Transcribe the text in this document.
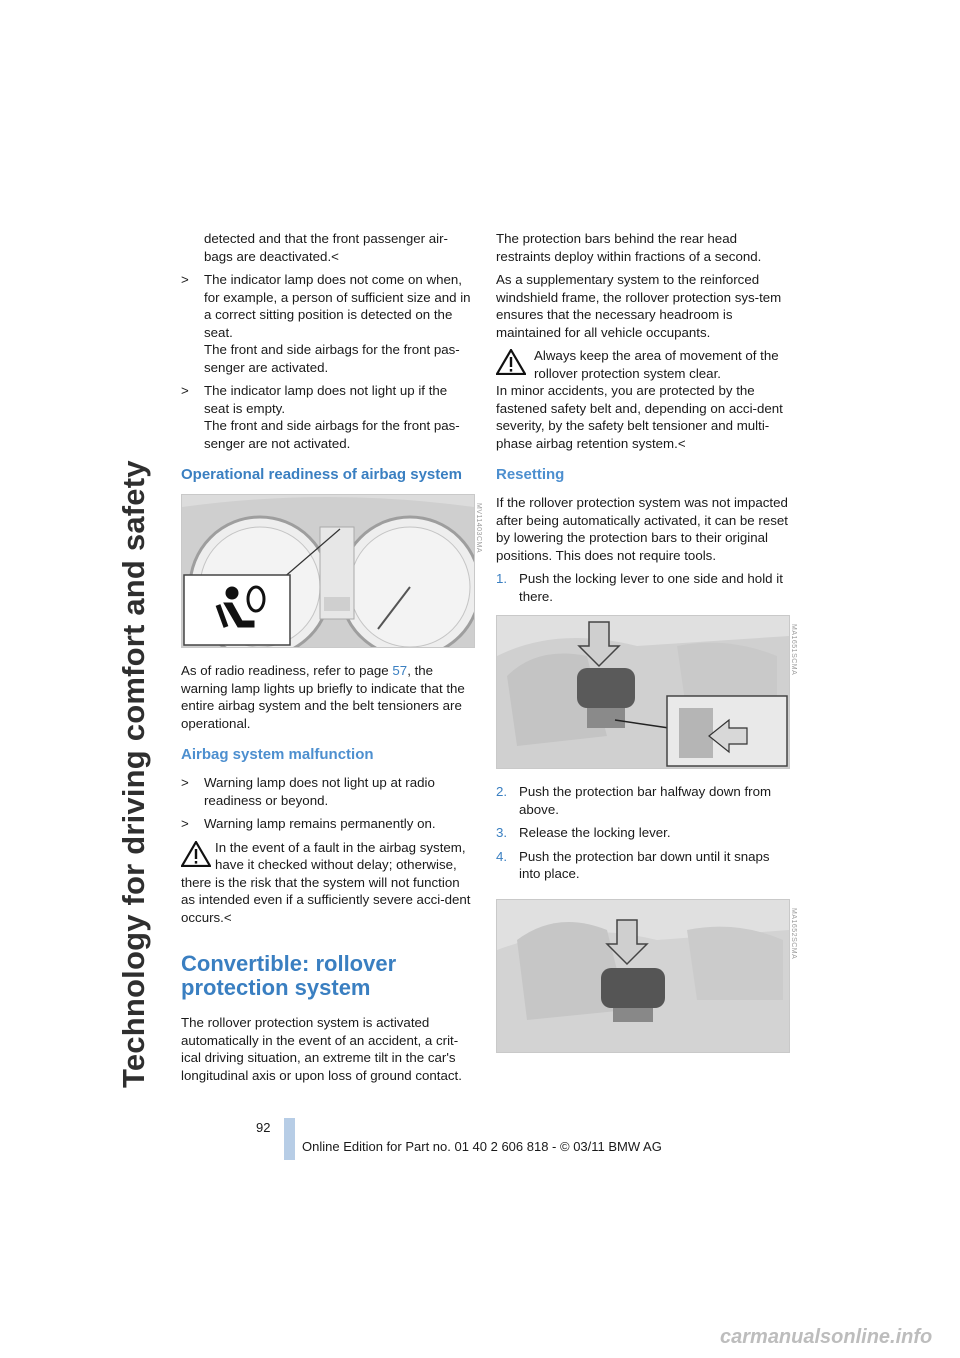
Technology for driving comfort and safety

detected and that the front passenger air-
bags are deactivated.<

> The indicator lamp does not come on when, for example, a person of sufficient size and in a correct sitting position is detected on the seat.
The front and side airbags for the front pas-senger are activated.
> The indicator lamp does not light up if the seat is empty.
The front and side airbags for the front pas-senger are not activated.
Operational readiness of airbag system
MV11403CMA

As of radio readiness, refer to page 57, the warning lamp lights up briefly to indicate that the entire airbag system and the belt tensioners are operational.

Airbag system malfunction
> Warning lamp does not light up at radio readiness or beyond.
> Warning lamp remains permanently on.
In the event of a fault in the airbag system,
have it checked without delay; otherwise,
there is the risk that the system will not function as intended even if a sufficiently severe acci-dent occurs.<
Convertible: rollover
protection system

The rollover protection system is activated automatically in the event of an accident, a crit-ical driving situation, an extreme tilt in the car's longitudinal axis or upon loss of ground contact.

The protection bars behind the rear head restraints deploy within fractions of a second.

As a supplementary system to the reinforced windshield frame, the rollover protection sys-tem ensures that the necessary headroom is maintained for all vehicle occupants.

Always keep the area of movement of the
rollover protection system clear.
In minor accidents, you are protected by the fastened safety belt and, depending on acci-dent severity, by the safety belt tensioner and multi-phase airbag retention system.<
Resetting

If the rollover protection system was not impacted after being automatically activated, it can be reset by lowering the protection bars to their original positions. This does not require tools.

1. Push the locking lever to one side and hold it there.
MA1651SCMA
2. Push the protection bar halfway down from above.
3. Release the locking lever.
4. Push the protection bar down until it snaps into place.
MA1652SCMA
92
Online Edition for Part no. 01 40 2 606 818 - © 03/11 BMW AG
carmanualsonline.info
